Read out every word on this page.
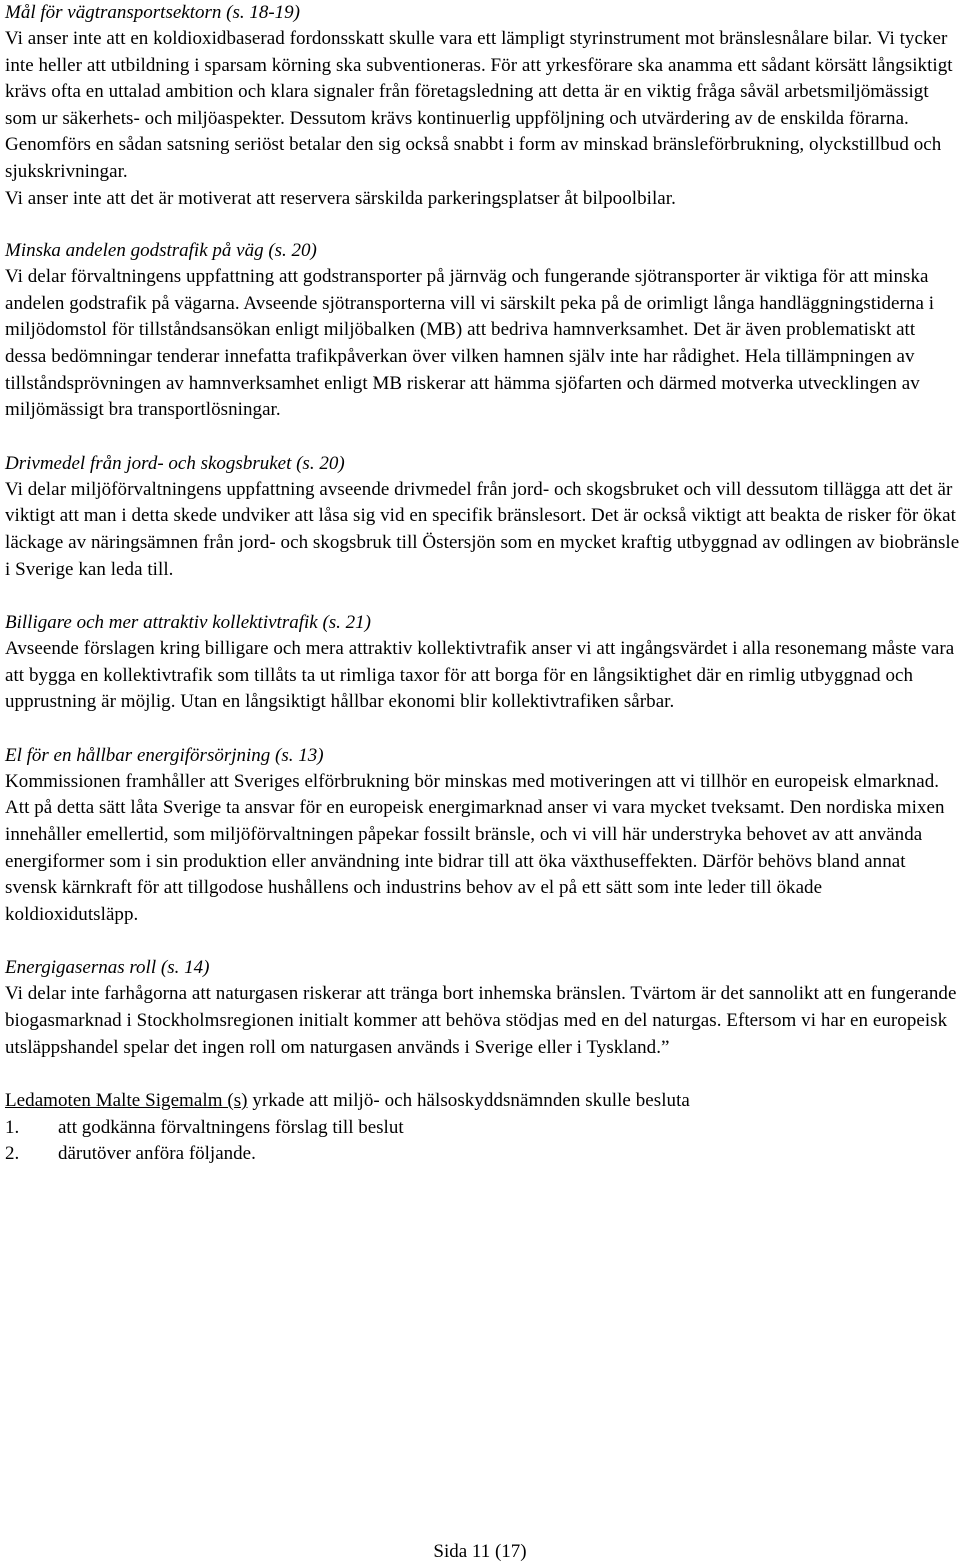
Mål för vägtransportsektorn (s. 18-19)

Vi anser inte att en koldioxidbaserad fordonsskatt skulle vara ett lämpligt styrinstrument mot bränslesnålare bilar. Vi tycker inte heller att utbildning i sparsam körning ska subventioneras. För att yrkesförare ska anamma ett sådant körsätt långsiktigt krävs ofta en uttalad ambition och klara signaler från företagsledning att detta är en viktig fråga såväl arbetsmiljömässigt som ur säkerhets- och miljöaspekter. Dessutom krävs kontinuerlig uppföljning och utvärdering av de enskilda förarna. Genomförs en sådan satsning seriöst betalar den sig också snabbt i form av minskad bränsleförbrukning, olyckstillbud och sjukskrivningar.

Vi anser inte att det är motiverat att reservera särskilda parkeringsplatser åt bilpoolbilar.

Minska andelen godstrafik på väg (s. 20)

Vi delar förvaltningens uppfattning att godstransporter på järnväg och fungerande sjötransporter är viktiga för att minska andelen godstrafik på vägarna. Avseende sjötransporterna vill vi särskilt peka på de orimligt långa handläggningstiderna i miljödomstol för tillståndsansökan enligt miljöbalken (MB) att bedriva hamnverksamhet. Det är även problematiskt att dessa bedömningar tenderar innefatta trafikpåverkan över vilken hamnen själv inte har rådighet. Hela tillämpningen av tillståndsprövningen av hamnverksamhet enligt MB riskerar att hämma sjöfarten och därmed motverka utvecklingen av miljömässigt bra transportlösningar.

Drivmedel från jord- och skogsbruket (s. 20)

Vi delar miljöförvaltningens uppfattning avseende drivmedel från jord- och skogsbruket och vill dessutom tillägga att det är viktigt att man i detta skede undviker att låsa sig vid en specifik bränslesort. Det är också viktigt att beakta de risker för ökat läckage av näringsämnen från jord- och skogsbruk till Östersjön som en mycket kraftig utbyggnad av odlingen av biobränsle i Sverige kan leda till.

Billigare och mer attraktiv kollektivtrafik (s. 21)

Avseende förslagen kring billigare och mera attraktiv kollektivtrafik anser vi att ingångsvärdet i alla resonemang måste vara att bygga en kollektivtrafik som tillåts ta ut rimliga taxor för att borga för en långsiktighet där en rimlig utbyggnad och upprustning är möjlig. Utan en långsiktigt hållbar ekonomi blir kollektivtrafiken sårbar.

El för en hållbar energiförsörjning (s. 13)

Kommissionen framhåller att Sveriges elförbrukning bör minskas med motiveringen att vi tillhör en europeisk elmarknad. Att på detta sätt låta Sverige ta ansvar för en europeisk energimarknad anser vi vara mycket tveksamt. Den nordiska mixen innehåller emellertid, som miljöförvaltningen påpekar fossilt bränsle, och vi vill här understryka behovet av att använda energiformer som i sin produktion eller användning inte bidrar till att öka växthuseffekten. Därför behövs bland annat svensk kärnkraft för att tillgodose hushållens och industrins behov av el på ett sätt som inte leder till ökade koldioxidutsläpp.

Energigasernas roll (s. 14)

Vi delar inte farhågorna att naturgasen riskerar att tränga bort inhemska bränslen. Tvärtom är det sannolikt att en fungerande biogasmarknad i Stockholmsregionen initialt kommer att behöva stödjas med en del naturgas. Eftersom vi har en europeisk utsläppshandel spelar det ingen roll om naturgasen används i Sverige eller i Tyskland.”

Ledamoten Malte Sigemalm (s) yrkade att miljö- och hälsoskyddsnämnden skulle besluta

1.	att godkänna förvaltningens förslag till beslut
2.	därutöver anföra följande.
Sida 11 (17)
